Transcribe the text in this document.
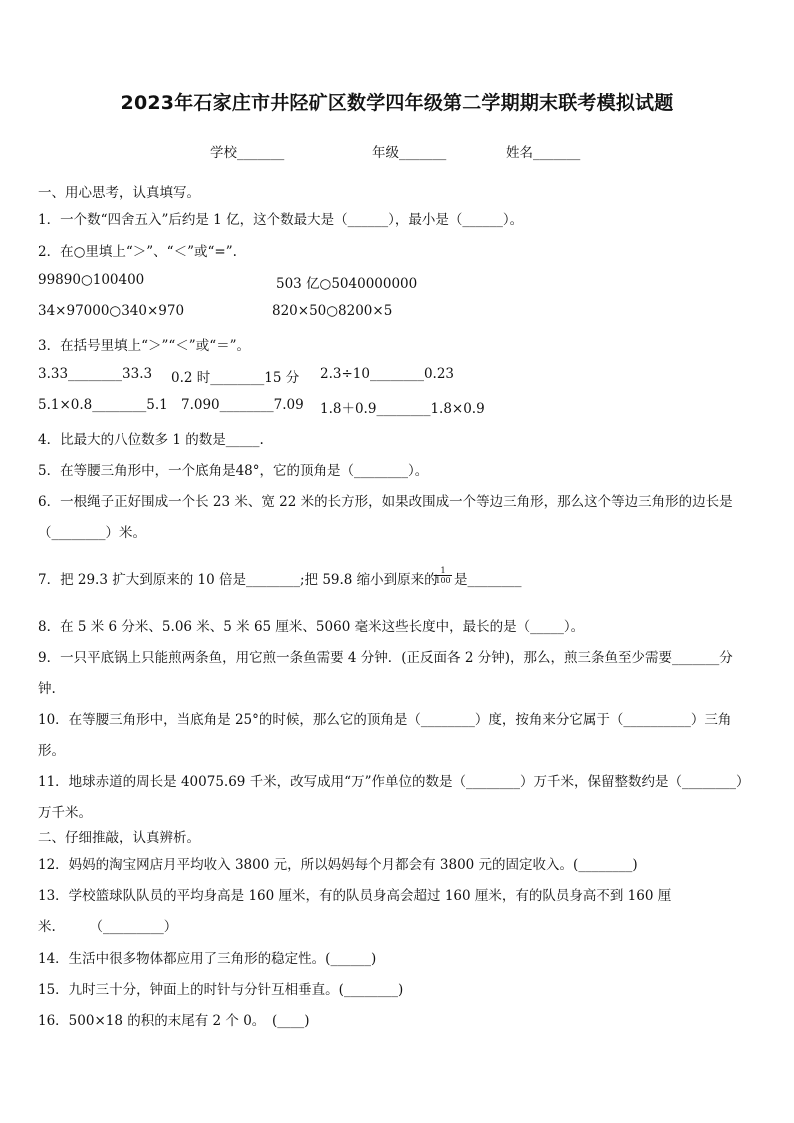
2023年石家庄市井陉矿区数学四年级第二学期期末联考模拟试题
学校_______	年级_______	姓名_______
一、用心思考，认真填写。
1．一个数“四舍五入”后约是 1 亿，这个数最大是（______），最小是（______）。
2．在○里填上“＞”、“＜”或“=”.
99890○100400	503 亿○5040000000
34×97000○340×970	820×50○8200×5
3．在括号里填上“＞”“＜”或“＝”。
3.33________33.3 0.2 时________15 分 2.3÷10________0.23
5.1×0.8________5.1 7.090________7.09 1.8＋0.9________1.8×0.9
4．比最大的八位数多 1 的数是_____.
5．在等腰三角形中，一个底角是48°，它的顶角是（________）。
6．一根绳子正好围成一个长 23 米、宽 22 米的长方形，如果改围成一个等边三角形，那么这个等边三角形的边长是
（________）米。
7．把 29.3 扩大到原来的 10 倍是________;把 59.8 缩小到原来的
$\frac{1}{100}$ 是________
8．在 5 米 6 分米、5.06 米、5 米 65 厘米、5060 毫米这些长度中，最长的是（_____）。
9．一只平底锅上只能煎两条鱼，用它煎一条鱼需要 4 分钟．(正反面各 2 分钟)，那么，煎三条鱼至少需要_______分
钟.
10．在等腰三角形中，当底角是 25°的时候，那么它的顶角是（________）度，按角来分它属于（__________）三角
形。
11．地球赤道的周长是 40075.69 千米，改写成用“万”作单位的数是（________）万千米，保留整数约是（________）
万千米。
二、仔细推敲，认真辨析。
12．妈妈的淘宝网店月平均收入 3800 元，所以妈妈每个月都会有 3800 元的固定收入。(________)
13．学校篮球队队员的平均身高是 160 厘米，有的队员身高会超过 160 厘米，有的队员身高不到 160 厘
米.　　　（_________）
14．生活中很多物体都应用了三角形的稳定性。(______)
15．九时三十分，钟面上的时针与分针互相垂直。(________)
16．500×18 的积的末尾有 2 个 0。　(____)
